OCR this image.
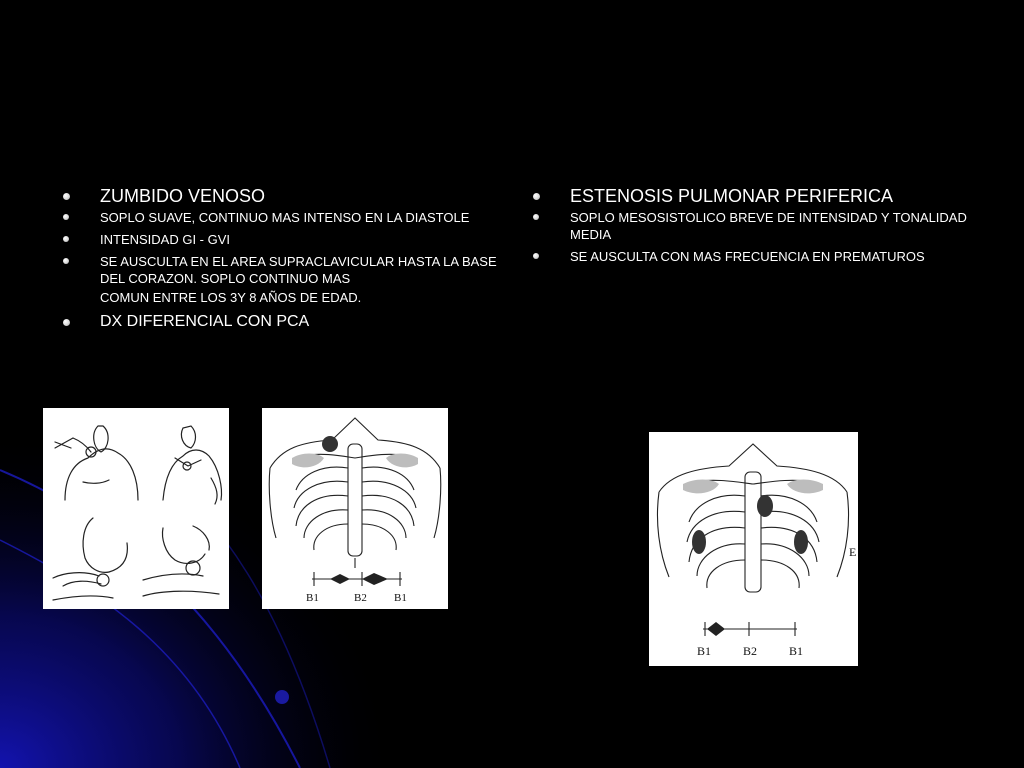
ZUMBIDO VENOSO
SOPLO SUAVE, CONTINUO MAS INTENSO EN LA DIASTOLE
INTENSIDAD GI - GVI
SE AUSCULTA EN EL AREA SUPRACLAVICULAR HASTA LA BASE DEL CORAZON. SOPLO CONTINUO MAS
COMUN ENTRE LOS 3Y 8 AÑOS DE EDAD.
DX DIFERENCIAL CON PCA
ESTENOSIS PULMONAR PERIFERICA
SOPLO MESOSISTOLICO BREVE DE INTENSIDAD Y TONALIDAD MEDIA
SE AUSCULTA CON MAS FRECUENCIA EN PREMATUROS
B1	B2 B1
E
B1	B2	B1
